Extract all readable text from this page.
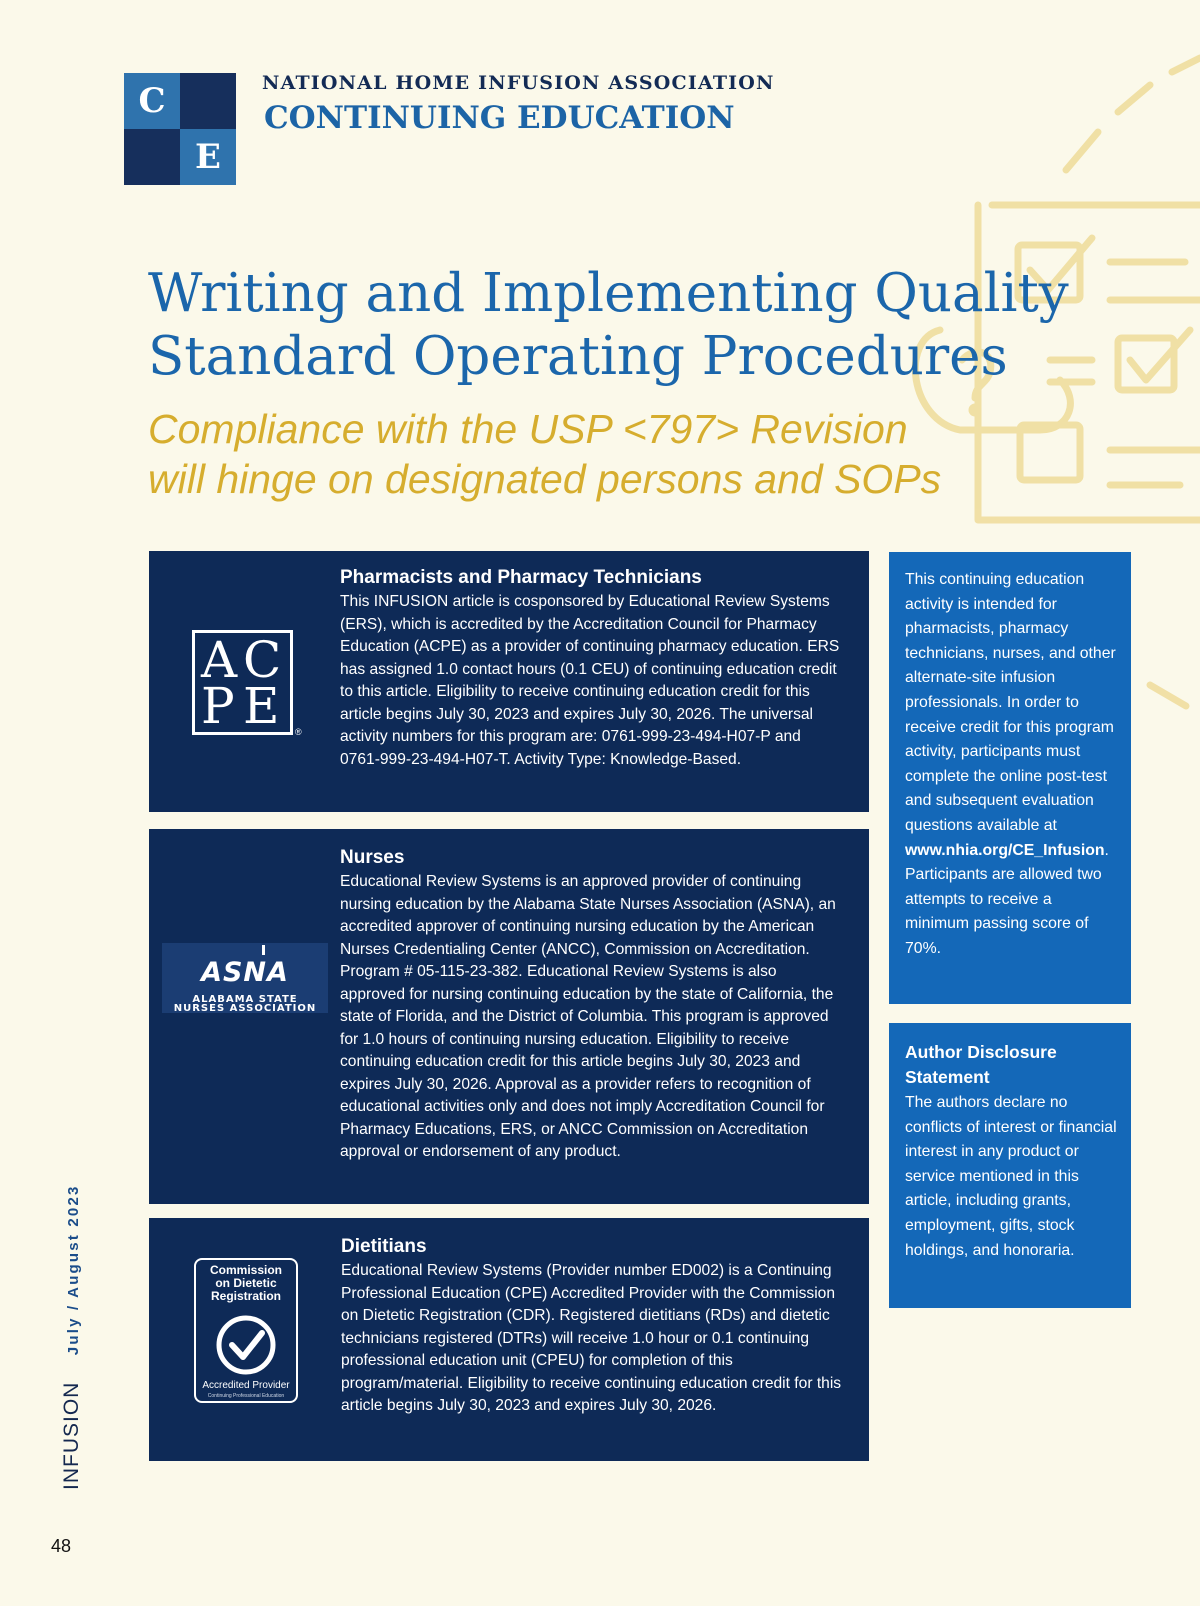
C
E
NATIONAL HOME INFUSION ASSOCIATION
CONTINUING EDUCATION
Writing and Implementing Quality
Standard Operating Procedures
Compliance with the USP <797> Revision
will hinge on designated persons and SOPs
A C
P E ®
Pharmacists and Pharmacy Technicians
This INFUSION article is cosponsored by Educational Review Systems (ERS), which is accredited by the Accreditation Council for Pharmacy Education (ACPE) as a provider of continuing pharmacy education. ERS has assigned 1.0 contact hours (0.1 CEU) of continuing education credit to this article. Eligibility to receive continuing education credit for this article begins July 30, 2023 and expires July 30, 2026. The universal activity numbers for this program are: 0761-999-23-494-H07-P and 0761-999-23-494-H07-T. Activity Type: Knowledge-Based.
ASNA
ALABAMA STATE
NURSES ASSOCIATION
Nurses
Educational Review Systems is an approved provider of continuing nursing education by the Alabama State Nurses Association (ASNA), an accredited approver of continuing nursing education by the American Nurses Credentialing Center (ANCC), Commission on Accreditation. Program # 05-115-23-382. Educational Review Systems is also approved for nursing continuing education by the state of California, the state of Florida, and the District of Columbia. This program is approved for 1.0 hours of continuing nursing education. Eligibility to receive continuing education credit for this article begins July 30, 2023 and expires July 30, 2026. Approval as a provider refers to recognition of educational activities only and does not imply Accreditation Council for Pharmacy Educations, ERS, or ANCC Commission on Accreditation approval or endorsement of any product.
Commission
on Dietetic
Registration
Accredited Provider
Continuing Professional Education
Dietitians
Educational Review Systems (Provider number ED002) is a Continuing Professional Education (CPE) Accredited Provider with the Commission on Dietetic Registration (CDR). Registered dietitians (RDs) and dietetic technicians registered (DTRs) will receive 1.0 hour or 0.1 continuing professional education unit (CPEU) for completion of this program/material. Eligibility to receive continuing education credit for this article begins July 30, 2023 and expires July 30, 2026.
This continuing education activity is intended for pharmacists, pharmacy technicians, nurses, and other alternate-site infusion professionals. In order to receive credit for this program activity, participants must complete the online post-test and subsequent evaluation questions available at www.nhia.org/CE_Infusion. Participants are allowed two attempts to receive a minimum passing score of 70%.
Author Disclosure Statement
The authors declare no conflicts of interest or financial interest in any product or service mentioned in this article, including grants, employment, gifts, stock holdings, and honoraria.
INFUSION July / August 2023
48
